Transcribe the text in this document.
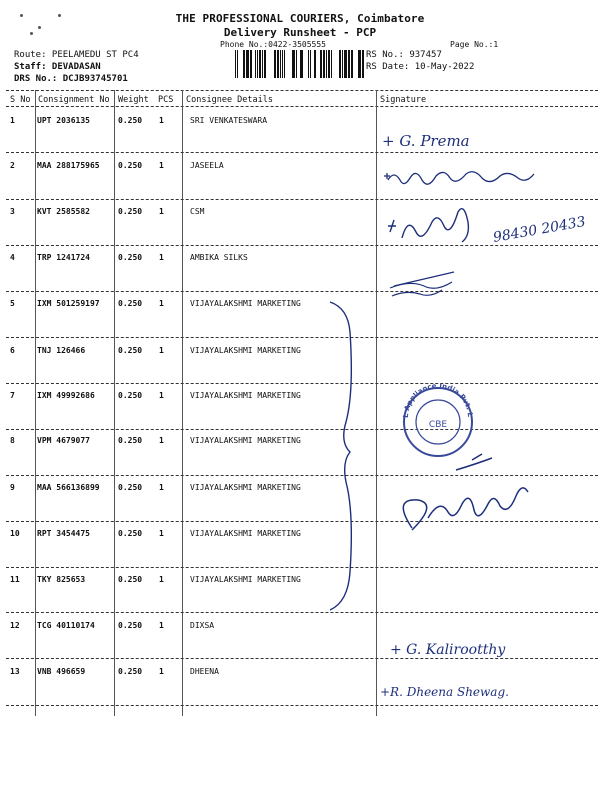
THE PROFESSIONAL COURIERS, Coimbatore
Delivery Runsheet - PCP
Phone No.:0422-3505555	Page No.:1
Route: PEELAMEDU ST PC4
Staff: DEVADASAN
DRS No.: DCJB93745701
RS No.: 937457
RS Date: 10-May-2022
S No Consignment No Weight PCS Consignee Details	Signature
1	UPT 2036135	0.250 1	SRI VENKATESWARA
2	MAA 288175965 0.250 1	JASEELA
3	KVT 2585582	0.250 1	CSM
4	TRP 1241724	0.250 1	AMBIKA SILKS
5	IXM 501259197 0.250 1	VIJAYALAKSHMI MARKETING
6	TNJ 126466	0.250 1	VIJAYALAKSHMI MARKETING
7	IXM 49992686	0.250 1	VIJAYALAKSHMI MARKETING
8	VPM 4679077	0.250 1	VIJAYALAKSHMI MARKETING
9	MAA 566136899 0.250 1	VIJAYALAKSHMI MARKETING
10 RPT 3454475	0.250 1	VIJAYALAKSHMI MARKETING
11 TKY 825653	0.250 1	VIJAYALAKSHMI MARKETING
12 TCG 40110174	0.250 1	DIXSA
13 VNB 496659	0.250 1	DHEENA
+ G. Prema
98430 20433
L Appliance India Pvt. Ltd
CBE
+ G. Kalirootthy
+R. Dheena Shewag.
